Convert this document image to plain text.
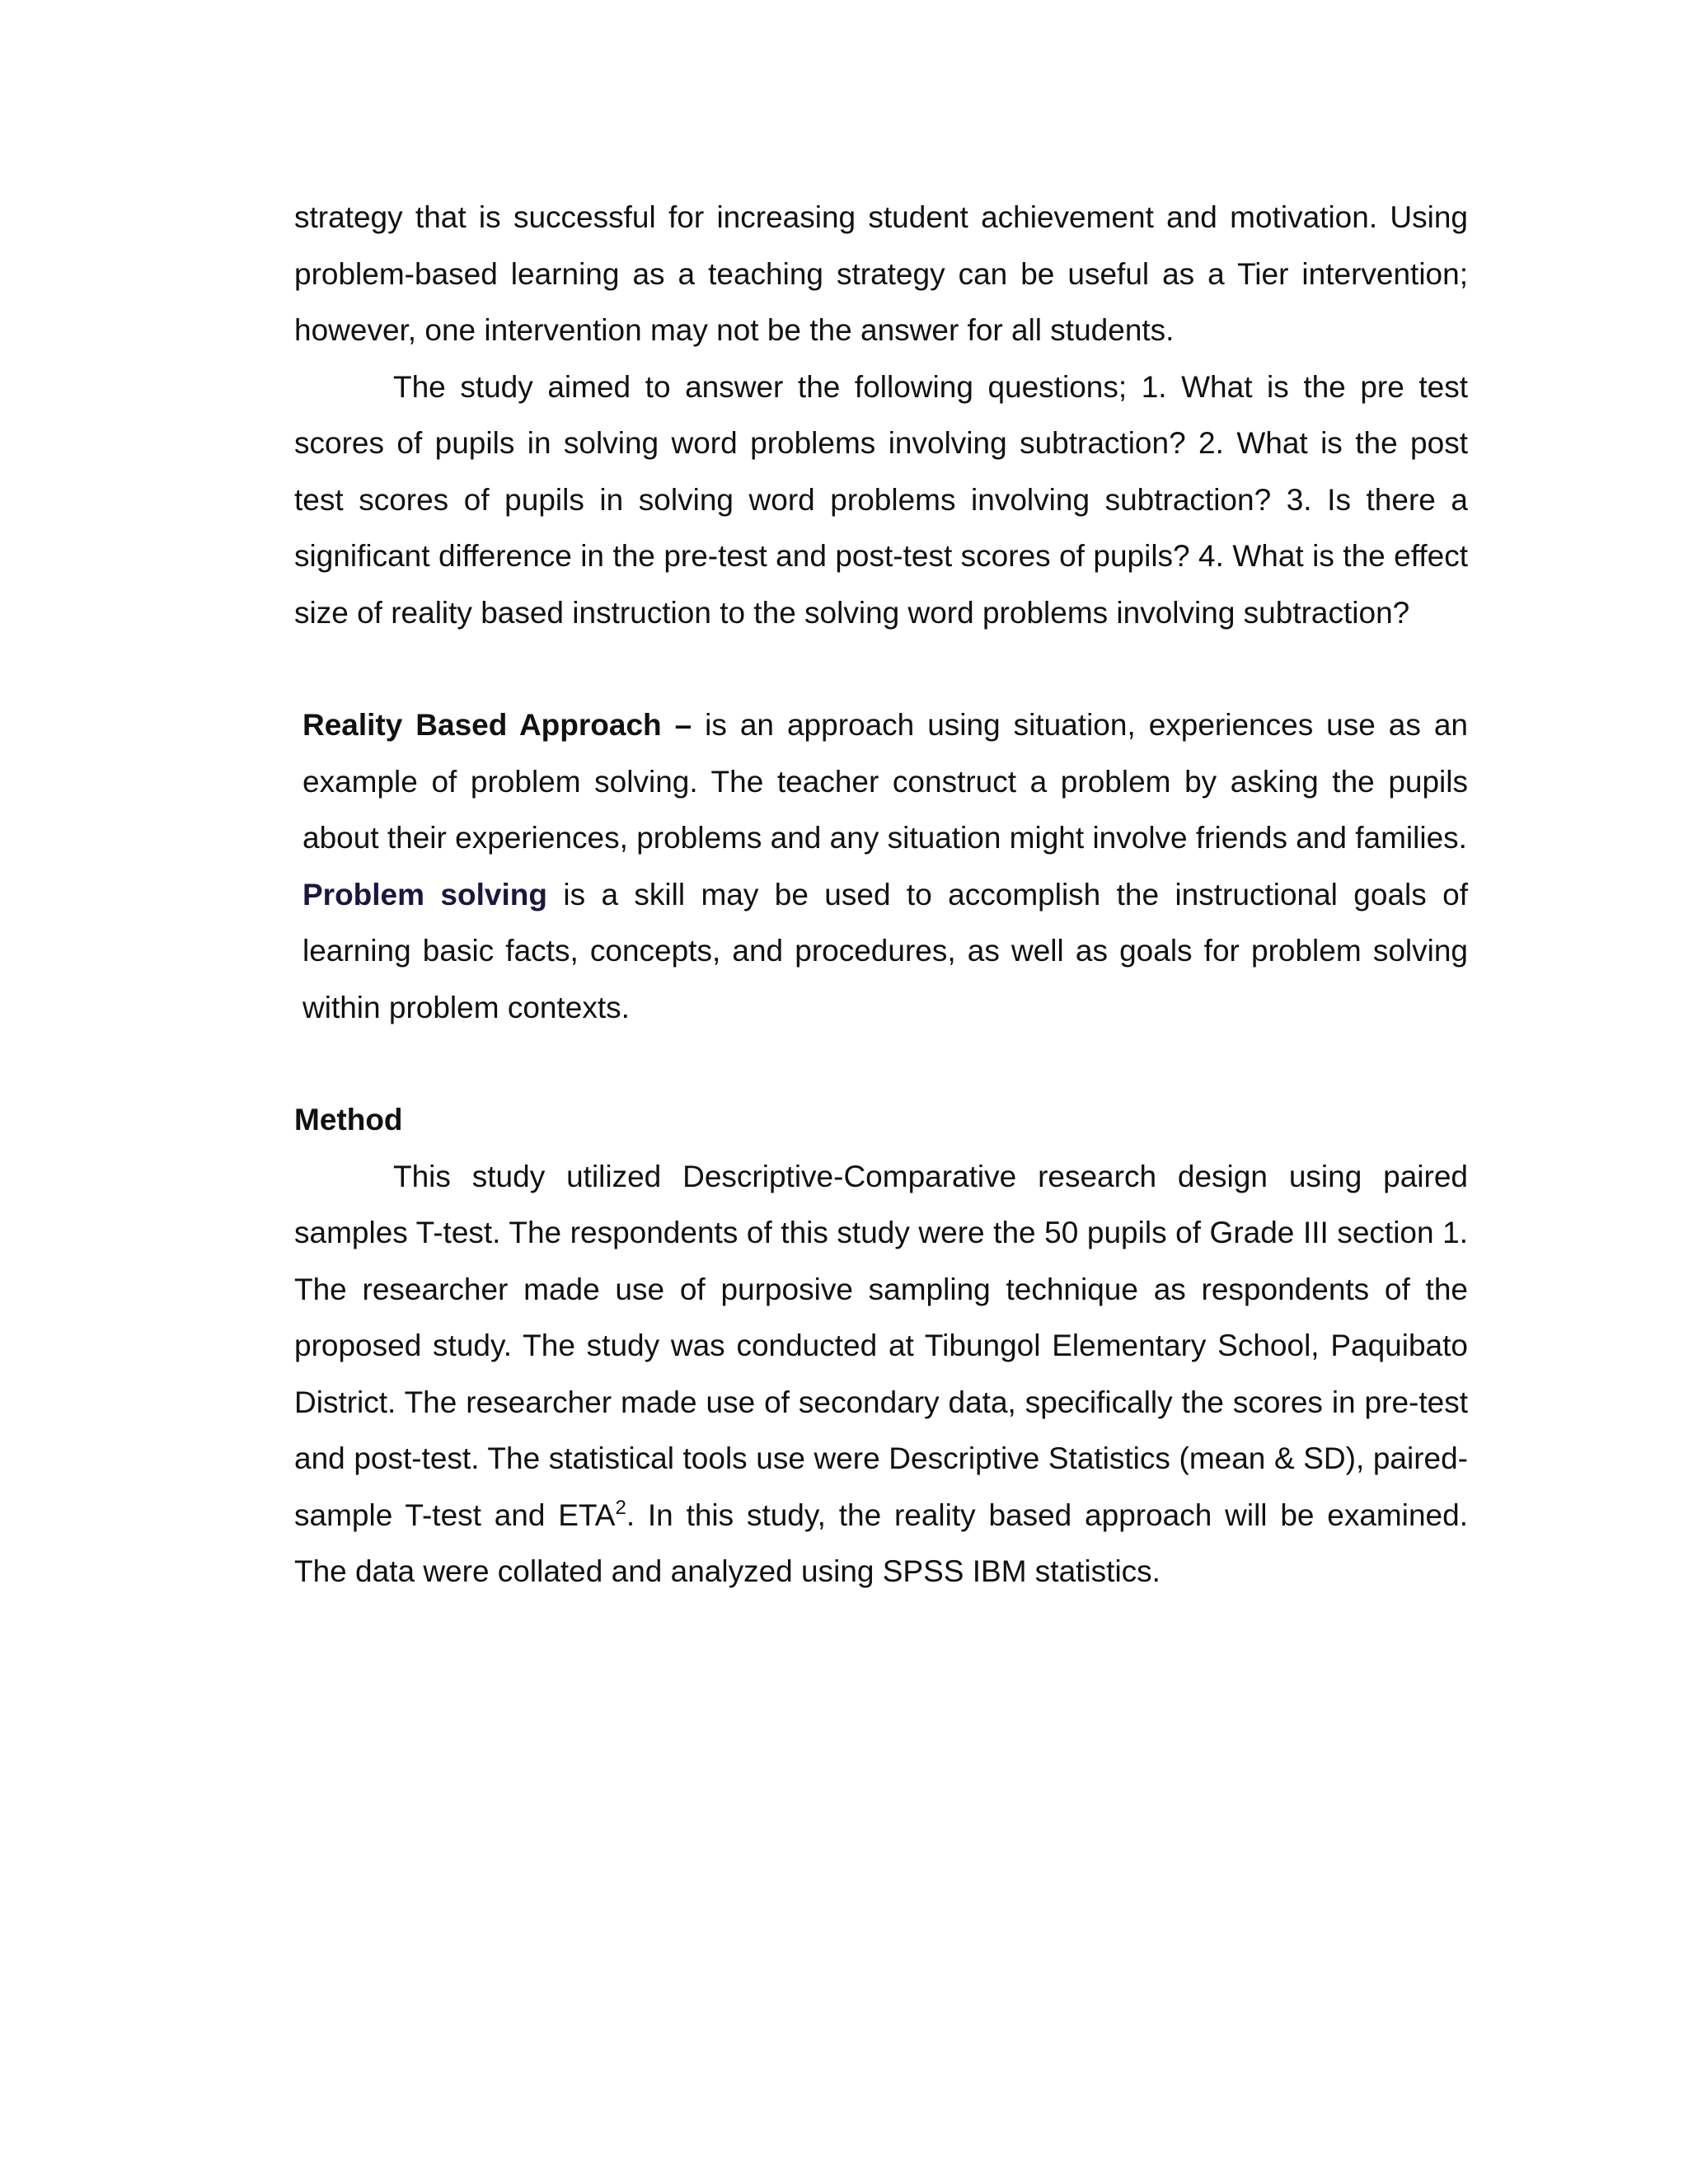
strategy that is successful for increasing student achievement and motivation. Using problem-based learning as a teaching strategy can be useful as a Tier intervention; however, one intervention may not be the answer for all students.

The study aimed to answer the following questions; 1. What is the pre test scores of pupils in solving word problems involving subtraction? 2. What is the post test scores of pupils in solving word problems involving subtraction? 3. Is there a significant difference in the pre-test and post-test scores of pupils? 4. What is the effect size of reality based instruction to the solving word problems involving subtraction?

Reality Based Approach – is an approach using situation, experiences use as an example of problem solving. The teacher construct a problem by asking the pupils about their experiences, problems and any situation might involve friends and families.

Problem solving is a skill may be used to accomplish the instructional goals of learning basic facts, concepts, and procedures, as well as goals for problem solving within problem contexts.

Method

This study utilized Descriptive-Comparative research design using paired samples T-test. The respondents of this study were the 50 pupils of Grade III section 1. The researcher made use of purposive sampling technique as respondents of the proposed study. The study was conducted at Tibungol Elementary School, Paquibato District. The researcher made use of secondary data, specifically the scores in pre-test and post-test. The statistical tools use were Descriptive Statistics (mean & SD), paired-sample T-test and ETA$^2$. In this study, the reality based approach will be examined. The data were collated and analyzed using SPSS IBM statistics.
